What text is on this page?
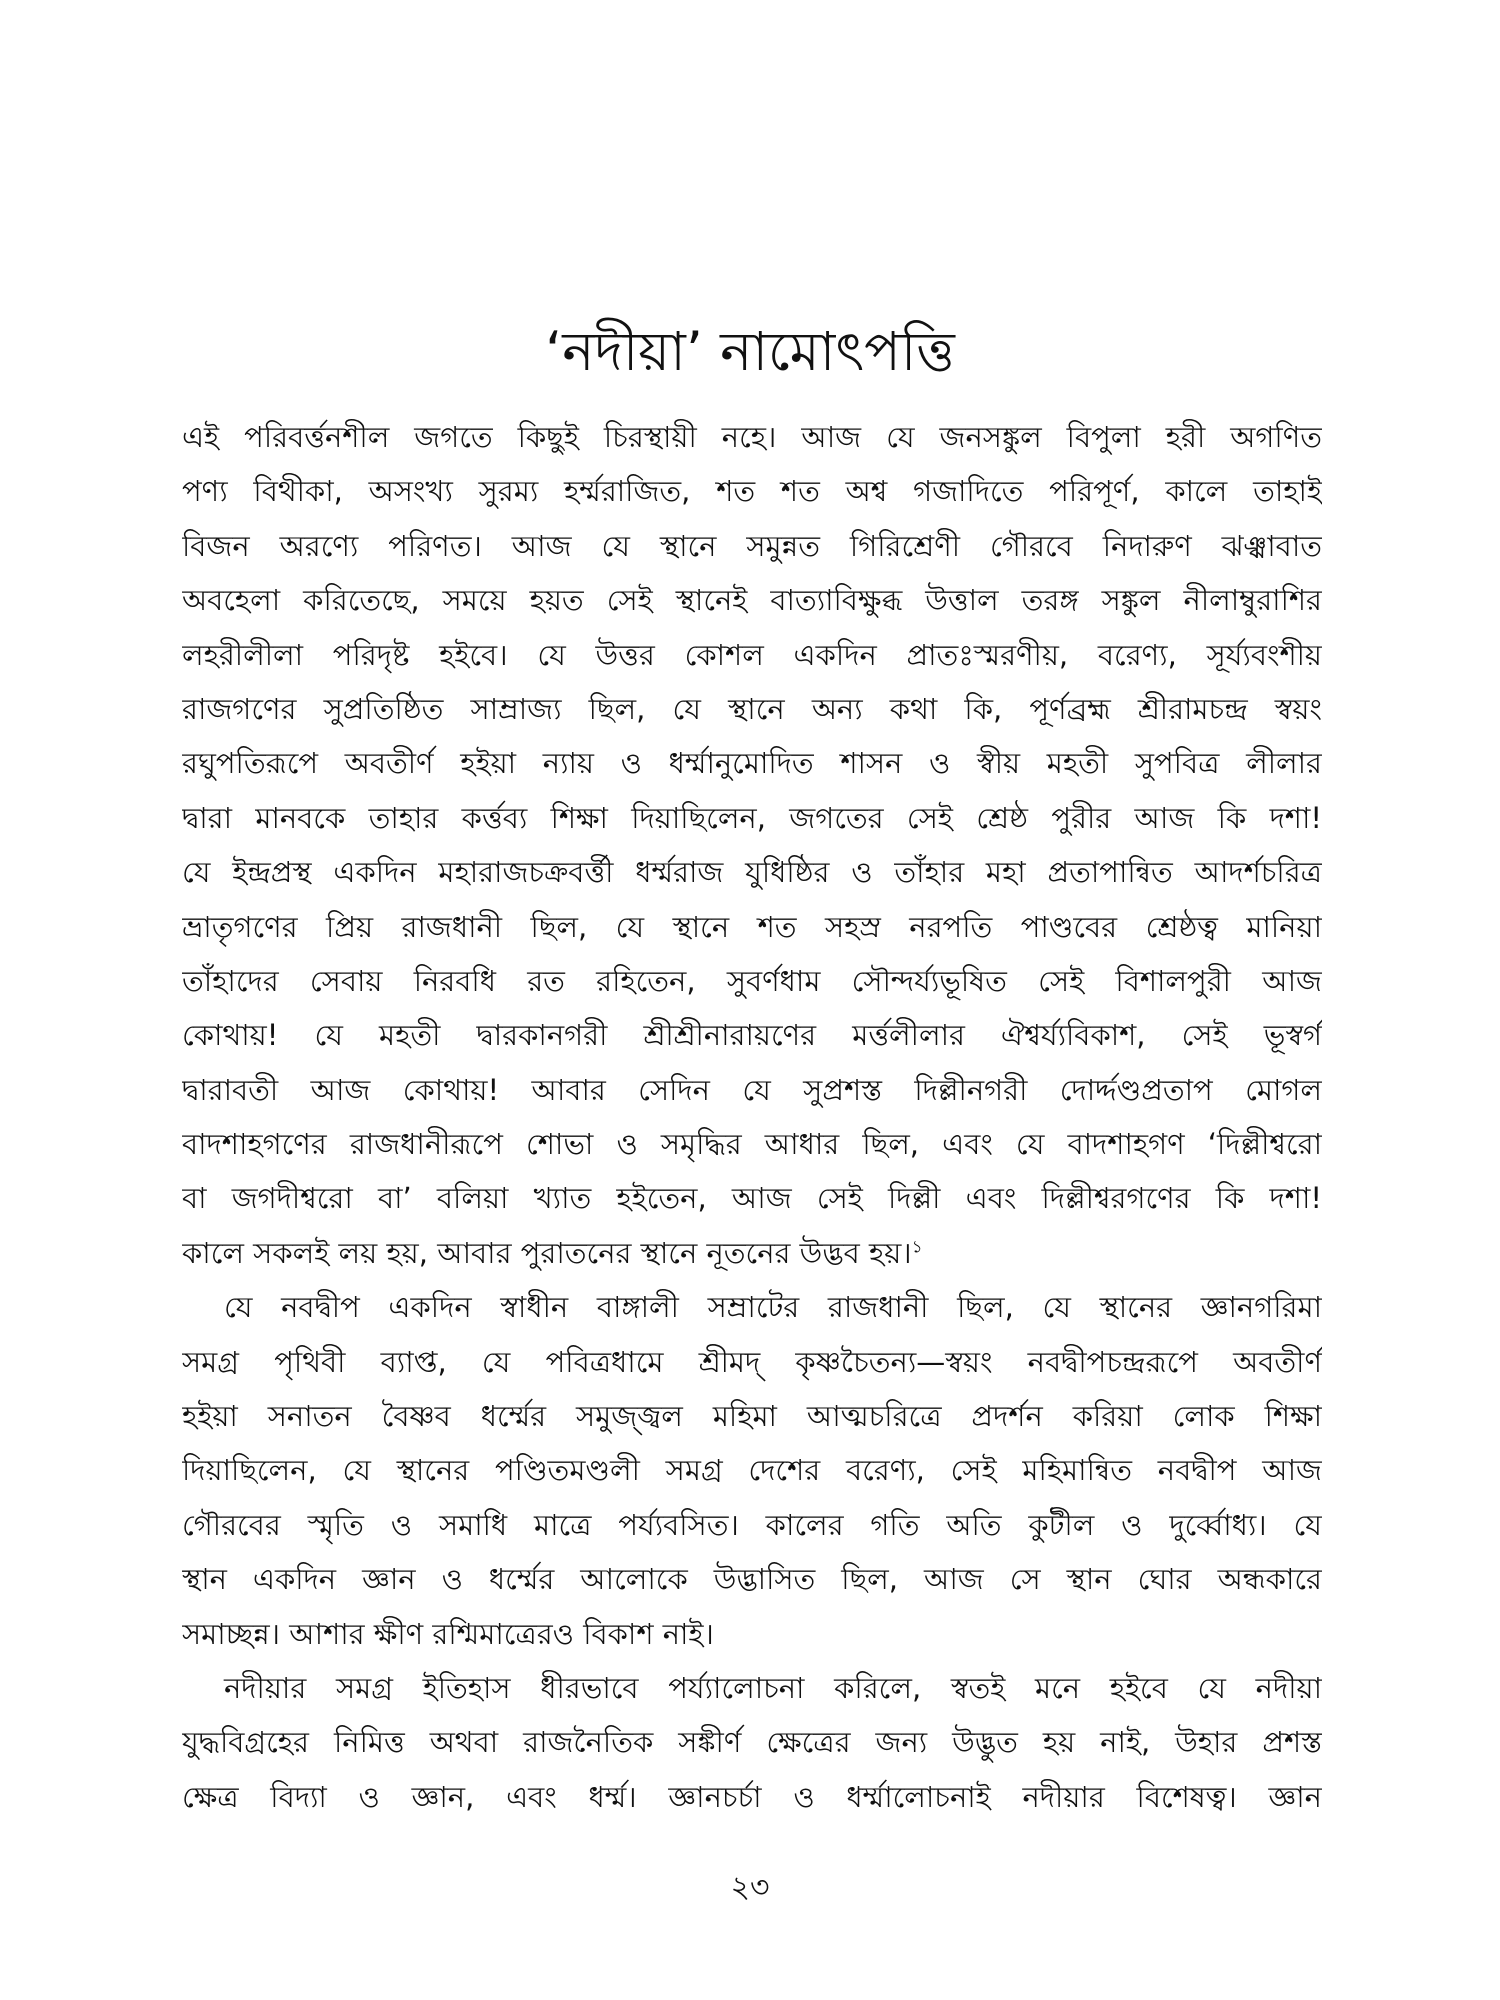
‘নদীয়া’ নামোৎপত্তি

এই পরিবর্ত্তনশীল জগতে কিছুই চিরস্থায়ী নহে। আজ যে জনসঙ্কুল বিপুলা হরী অগণিত
পণ্য বিথীকা, অসংখ্য সুরম্য হর্ম্মরাজিত, শত শত অশ্ব গজাদিতে পরিপূর্ণ, কালে তাহাই
বিজন অরণ্যে পরিণত। আজ যে স্থানে সমুন্নত গিরিশ্রেণী গৌরবে নিদারুণ ঝঞ্ঝাবাত
অবহেলা করিতেছে, সময়ে হয়ত সেই স্থানেই বাত্যাবিক্ষুব্ধ উত্তাল তরঙ্গ সঙ্কুল নীলাম্বুরাশির
লহরীলীলা পরিদৃষ্ট হইবে। যে উত্তর কোশল একদিন প্রাতঃস্মরণীয়, বরেণ্য, সূর্য্যবংশীয়
রাজগণের সুপ্রতিষ্ঠিত সাম্রাজ্য ছিল, যে স্থানে অন্য কথা কি, পূর্ণব্রহ্ম শ্রীরামচন্দ্র স্বয়ং
রঘুপতিরূপে অবতীর্ণ হইয়া ন্যায় ও ধর্ম্মানুমোদিত শাসন ও স্বীয় মহতী সুপবিত্র লীলার
দ্বারা মানবকে তাহার কর্ত্তব্য শিক্ষা দিয়াছিলেন, জগতের সেই শ্রেষ্ঠ পুরীর আজ কি দশা!
যে ইন্দ্রপ্রস্থ একদিন মহারাজচক্রবর্ত্তী ধর্ম্মরাজ যুধিষ্ঠির ও তাঁহার মহা প্রতাপান্বিত আদর্শচরিত্র
ভ্রাতৃগণের প্রিয় রাজধানী ছিল, যে স্থানে শত সহস্র নরপতি পাণ্ডবের শ্রেষ্ঠত্ব মানিয়া
তাঁহাদের সেবায় নিরবধি রত রহিতেন, সুবর্ণধাম সৌন্দর্য্যভূষিত সেই বিশালপুরী আজ
কোথায়! যে মহতী দ্বারকানগরী শ্রীশ্রীনারায়ণের মর্ত্তলীলার ঐশ্বর্য্যবিকাশ, সেই ভূস্বর্গ
দ্বারাবতী আজ কোথায়! আবার সেদিন যে সুপ্রশস্ত দিল্লীনগরী দোর্দ্দণ্ডপ্রতাপ মোগল
বাদশাহগণের রাজধানীরূপে শোভা ও সমৃদ্ধির আধার ছিল, এবং যে বাদশাহগণ ‘দিল্লীশ্বরো
বা জগদীশ্বরো বা’ বলিয়া খ্যাত হইতেন, আজ সেই দিল্লী এবং দিল্লীশ্বরগণের কি দশা!
কালে সকলই লয় হয়, আবার পুরাতনের স্থানে নূতনের উদ্ভব হয়।$^১$

যে নবদ্বীপ একদিন স্বাধীন বাঙ্গালী সম্রাটের রাজধানী ছিল, যে স্থানের জ্ঞানগরিমা
সমগ্র পৃথিবী ব্যাপ্ত, যে পবিত্রধামে শ্রীমদ্ কৃষ্ণচৈতন্য—স্বয়ং নবদ্বীপচন্দ্ররূপে অবতীর্ণ
হইয়া সনাতন বৈষ্ণব ধর্ম্মের সমুজ্জ্বল মহিমা আত্মচরিত্রে প্রদর্শন করিয়া লোক শিক্ষা
দিয়াছিলেন, যে স্থানের পণ্ডিতমণ্ডলী সমগ্র দেশের বরেণ্য, সেই মহিমান্বিত নবদ্বীপ আজ
গৌরবের স্মৃতি ও সমাধি মাত্রে পর্য্যবসিত। কালের গতি অতি কুটীল ও দুর্ব্বোধ্য। যে
স্থান একদিন জ্ঞান ও ধর্ম্মের আলোকে উদ্ভাসিত ছিল, আজ সে স্থান ঘোর অন্ধকারে
সমাচ্ছন্ন। আশার ক্ষীণ রশ্মিমাত্রেরও বিকাশ নাই।

নদীয়ার সমগ্র ইতিহাস ধীরভাবে পর্য্যালোচনা করিলে, স্বতই মনে হইবে যে নদীয়া
যুদ্ধবিগ্রহের নিমিত্ত অথবা রাজনৈতিক সঙ্কীর্ণ ক্ষেত্রের জন্য উদ্ভুত হয় নাই, উহার প্রশস্ত
ক্ষেত্র বিদ্যা ও জ্ঞান, এবং ধর্ম্ম। জ্ঞানচর্চা ও ধর্ম্মালোচনাই নদীয়ার বিশেষত্ব। জ্ঞান

২৩
